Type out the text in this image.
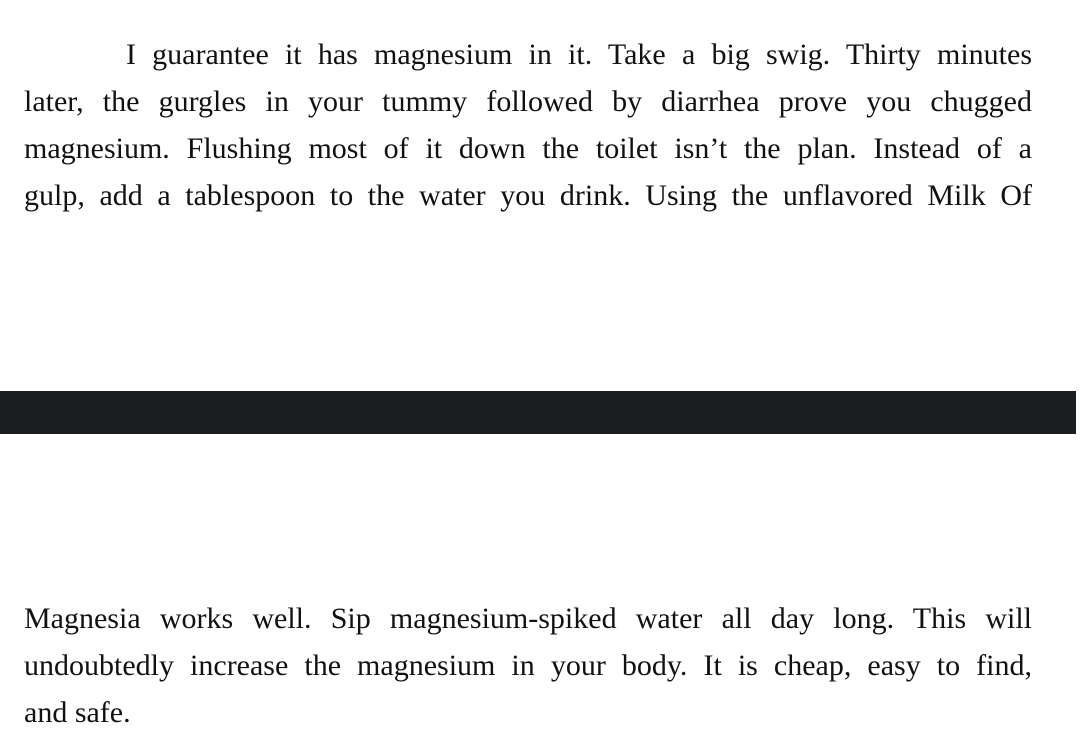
I guarantee it has magnesium in it. Take a big swig. Thirty minutes
later, the gurgles in your tummy followed by diarrhea prove you chugged
magnesium. Flushing most of it down the toilet isn’t the plan. Instead of a
gulp, add a tablespoon to the water you drink. Using the unflavored Milk Of

Magnesia works well. Sip magnesium-spiked water all day long. This will
undoubtedly increase the magnesium in your body. It is cheap, easy to find,
and safe.
